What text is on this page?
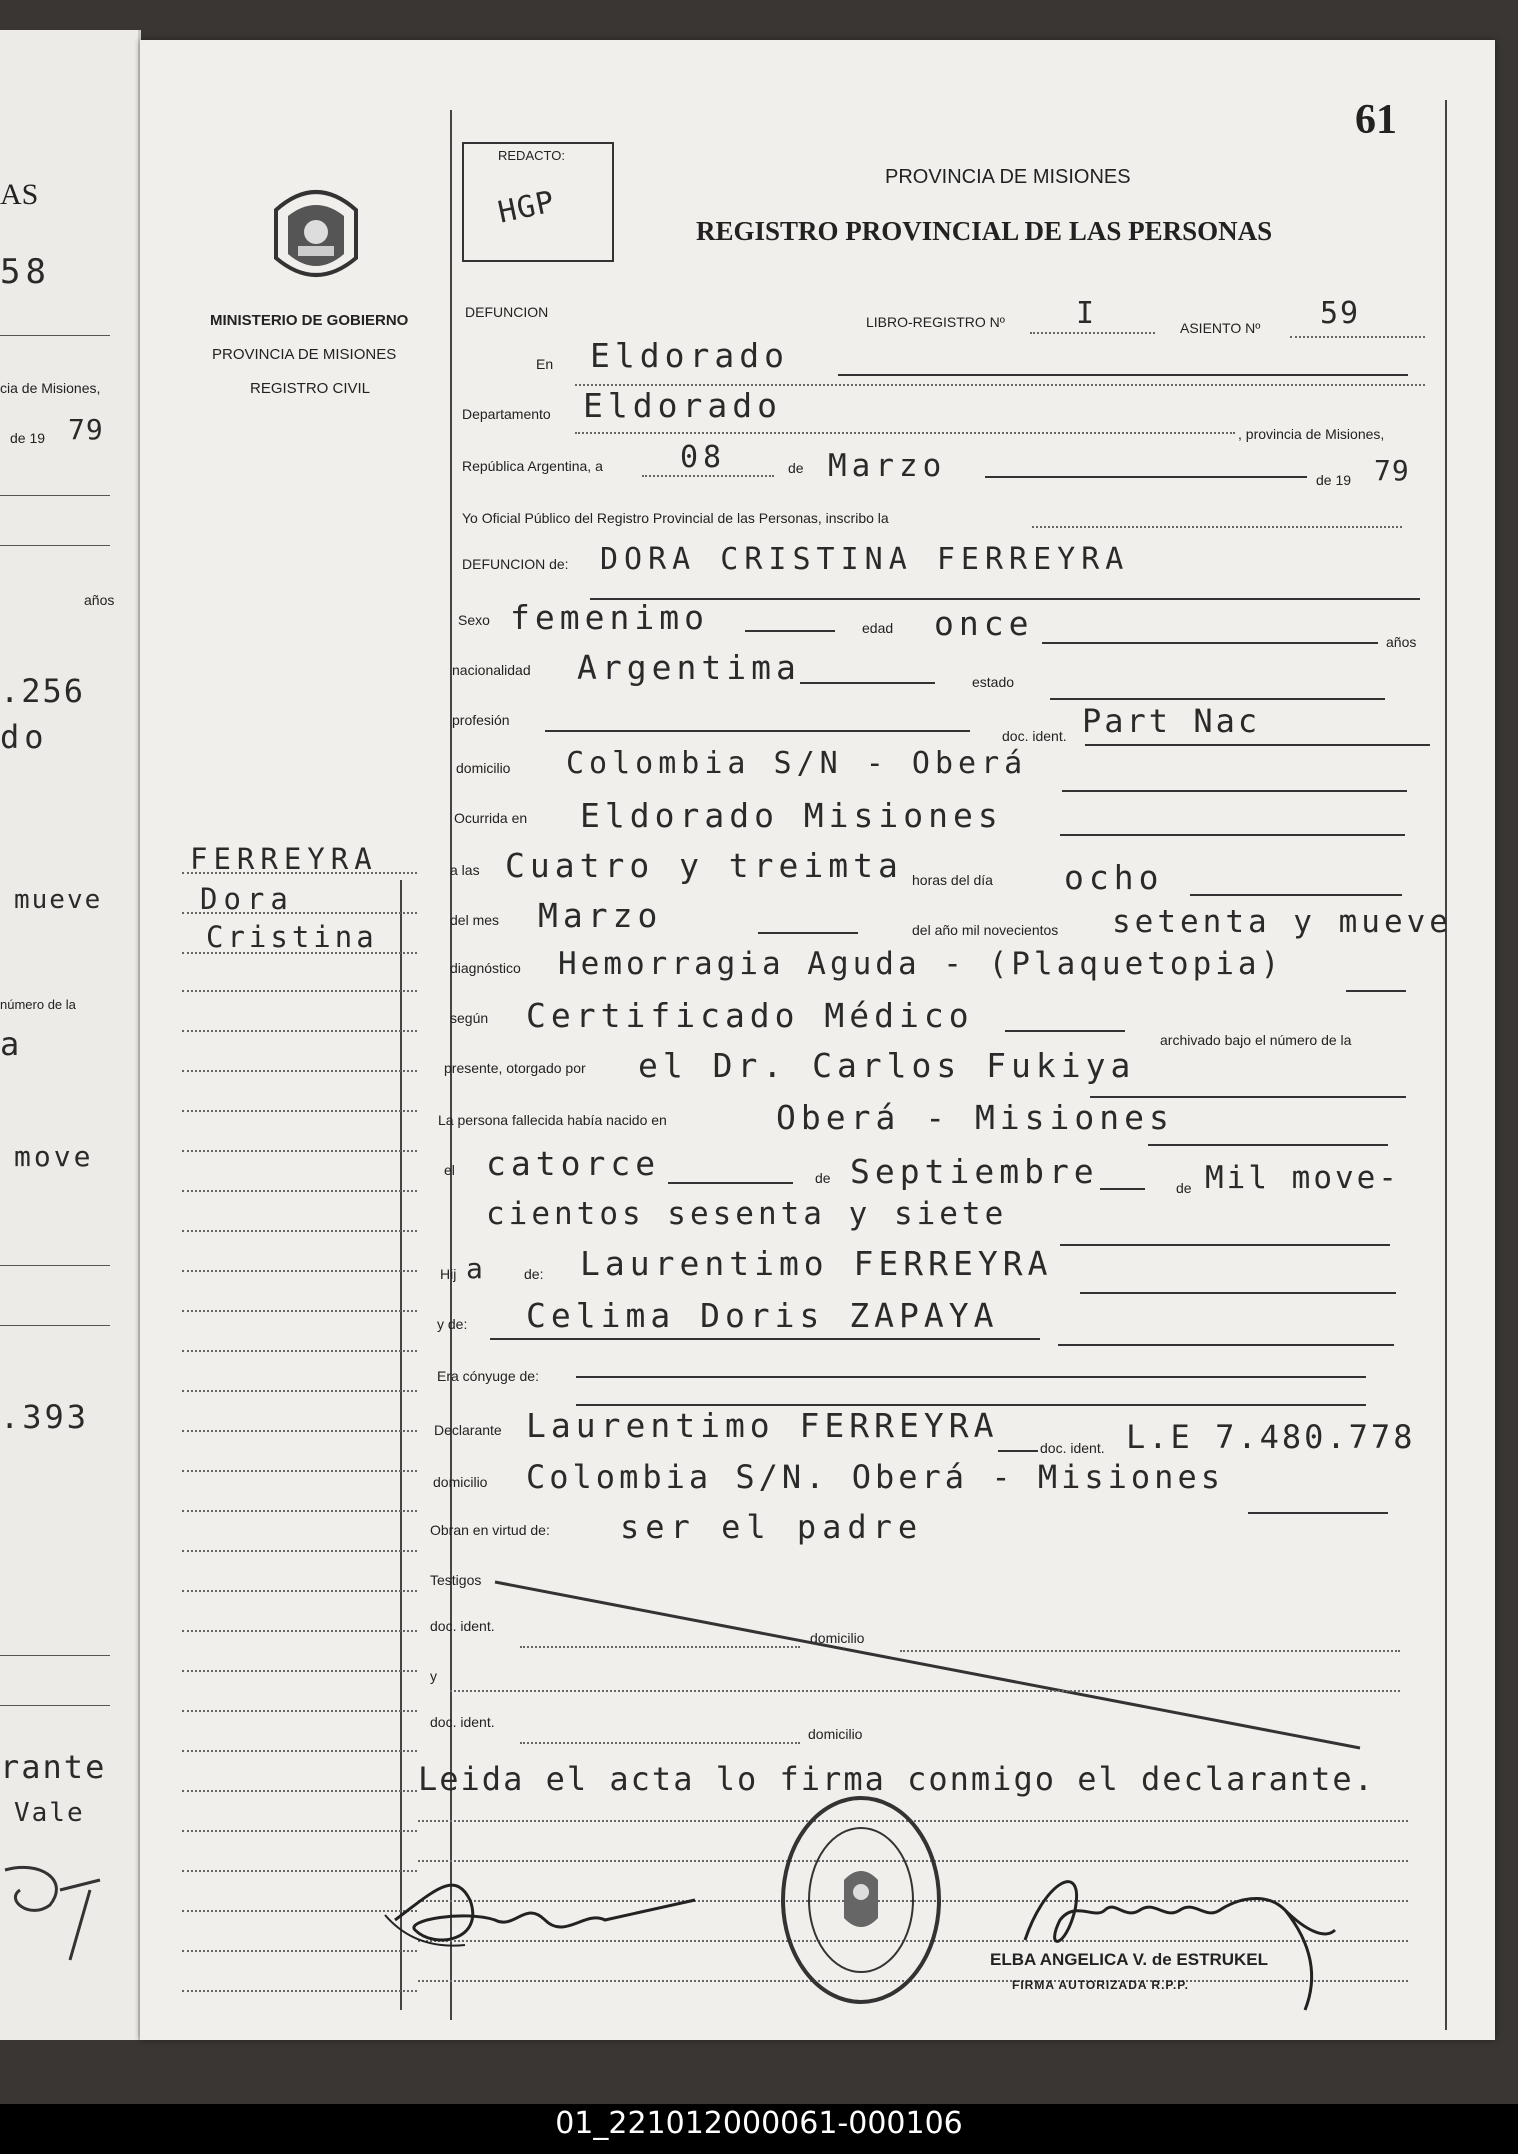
AS
58
cia de Misiones,
de 19 79
años
.256
do
mueve
número de la
a
move
.393
rante
Vale
61
REDACTO:
HGP
PROVINCIA DE MISIONES
REGISTRO PROVINCIAL DE LAS PERSONAS
MINISTERIO DE GOBIERNO
PROVINCIA DE MISIONES
REGISTRO CIVIL
DEFUNCION
LIBRO-REGISTRO Nº I	ASIENTO Nº 59
En Eldorado
Departamento Eldorado
, provincia de Misiones,
República Argentina, a	08	de Marzo	de 19 79
Yo Oficial Público del Registro Provincial de las Personas, inscribo la
DEFUNCION de: DORA CRISTINA FERREYRA
Sexo femenimo	edad once	años
nacionalidad Argentima	estado
profesión
doc. ident. Part Nac
domicilio Colombia S/N - Oberá
Ocurrida en Eldorado Misiones
a las Cuatro y treimta horas del día ocho
del mes Marzo	del año mil novecientos setenta y mueve
diagnóstico Hemorragia Aguda - (Plaquetopia)
según Certificado Médico
archivado bajo el número de la
presente, otorgado por el Dr. Carlos Fukiya
La persona fallecida había nacido en	Oberá - Misiones
el catorce	de Septiembre	de Mil move-
cientos sesenta y siete
Hij a	de: Laurentimo FERREYRA
y de: Celima Doris ZAPAYA
Era cónyuge de:
Declarante Laurentimo FERREYRA
doc. ident. L.E 7.480.778
domicilio Colombia S/N. Oberá - Misiones
Obran en virtud de: ser el padre
Testigos
doc. ident.
domicilio
y
doc. ident.
domicilio
Leida el acta lo firma conmigo el declarante.
FERREYRA
Dora
Cristina
ELBA ANGELICA V. de ESTRUKEL
FIRMA AUTORIZADA R.P.P.
01_221012000061-000106
